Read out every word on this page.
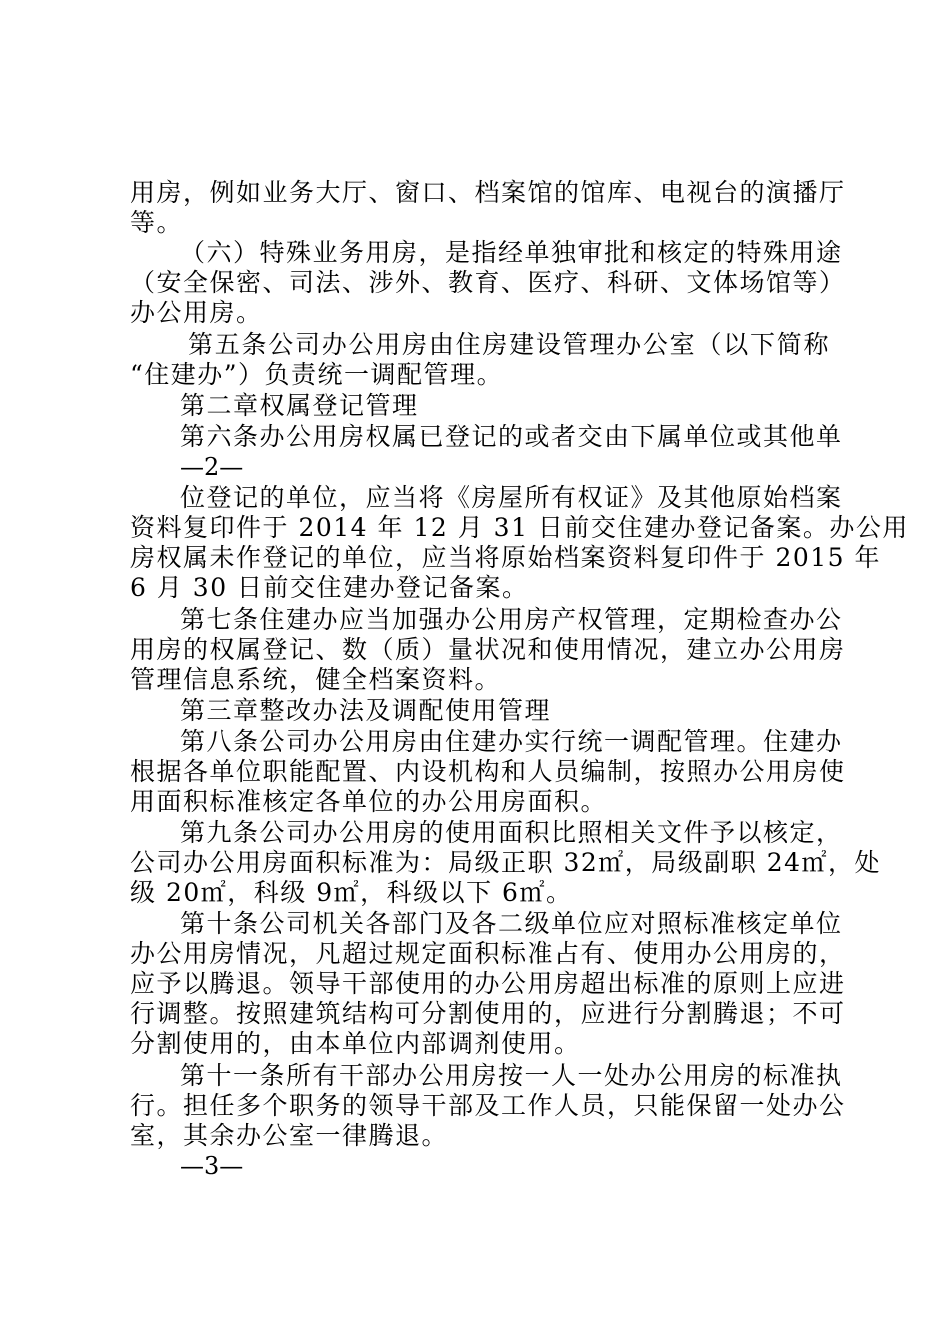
用房，例如业务大厅、窗口、档案馆的馆库、电视台的演播厅
等。
（六）特殊业务用房，是指经单独审批和核定的特殊用途
（安全保密、司法、涉外、教育、医疗、科研、文体场馆等）
办公用房。
第五条公司办公用房由住房建设管理办公室（以下简称
“住建办”）负责统一调配管理。
第二章权属登记管理
第六条办公用房权属已登记的或者交由下属单位或其他单
—2—
位登记的单位，应当将《房屋所有权证》及其他原始档案
资料复印件于 2014 年 12 月 31 日前交住建办登记备案。办公用
房权属未作登记的单位，应当将原始档案资料复印件于 2015 年
6 月 30 日前交住建办登记备案。
第七条住建办应当加强办公用房产权管理，定期检查办公
用房的权属登记、数（质）量状况和使用情况，建立办公用房
管理信息系统，健全档案资料。
第三章整改办法及调配使用管理
第八条公司办公用房由住建办实行统一调配管理。住建办
根据各单位职能配置、内设机构和人员编制，按照办公用房使
用面积标准核定各单位的办公用房面积。
第九条公司办公用房的使用面积比照相关文件予以核定，
公司办公用房面积标准为：局级正职 32㎡，局级副职 24㎡，处
级 20㎡，科级 9㎡，科级以下 6㎡。
第十条公司机关各部门及各二级单位应对照标准核定单位
办公用房情况，凡超过规定面积标准占有、使用办公用房的，
应予以腾退。领导干部使用的办公用房超出标准的原则上应进
行调整。按照建筑结构可分割使用的，应进行分割腾退；不可
分割使用的，由本单位内部调剂使用。
第十一条所有干部办公用房按一人一处办公用房的标准执
行。担任多个职务的领导干部及工作人员，只能保留一处办公
室，其余办公室一律腾退。
—3—
